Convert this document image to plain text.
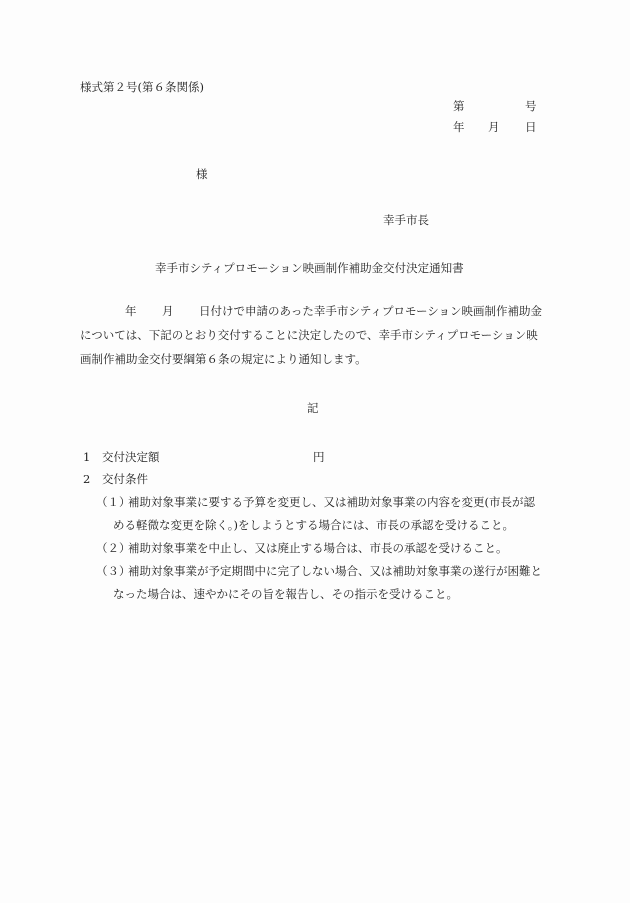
様式第２号(第６条関係)
第	号
年 月 日
様
幸手市長
幸手市シティプロモーション映画制作補助金交付決定通知書
年 月 日付けで申請のあった幸手市シティプロモーション映画制作補助金
については、下記のとおり交付することに決定したので、幸手市シティプロモーション映
画制作補助金交付要綱第６条の規定により通知します。
記
1 交付決定額	円
2 交付条件
（１）
補助対象事業に要する予算を変更し、又は補助対象事業の内容を変更(市長が認
める軽微な変更を除く。)をしようとする場合には、市長の承認を受けること。
（２）
補助対象事業を中止し、又は廃止する場合は、市長の承認を受けること。
（３）
補助対象事業が予定期間中に完了しない場合、又は補助対象事業の遂行が困難と
なった場合は、速やかにその旨を報告し、その指示を受けること。
